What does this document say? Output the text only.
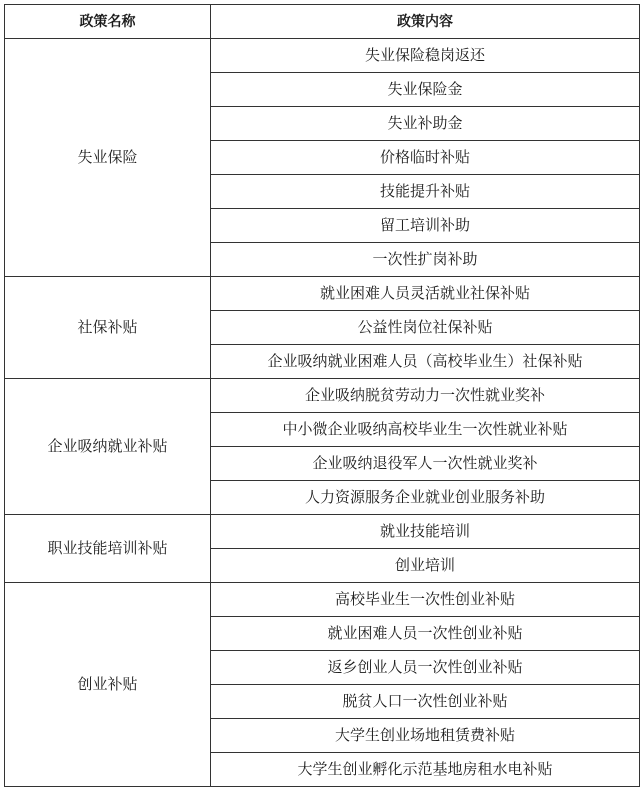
政策名称	政策内容
失业保险	失业保险稳岗返还
	失业保险金
	失业补助金
	价格临时补贴
	技能提升补贴
	留工培训补助
	一次性扩岗补助
社保补贴	就业困难人员灵活就业社保补贴
	公益性岗位社保补贴
	企业吸纳就业困难人员（高校毕业生）社保补贴
企业吸纳就业补贴	企业吸纳脱贫劳动力一次性就业奖补
	中小微企业吸纳高校毕业生一次性就业补贴
	企业吸纳退役军人一次性就业奖补
	人力资源服务企业就业创业服务补助
职业技能培训补贴	就业技能培训
	创业培训
创业补贴	高校毕业生一次性创业补贴
	就业困难人员一次性创业补贴
	返乡创业人员一次性创业补贴
	脱贫人口一次性创业补贴
	大学生创业场地租赁费补贴
	大学生创业孵化示范基地房租水电补贴
